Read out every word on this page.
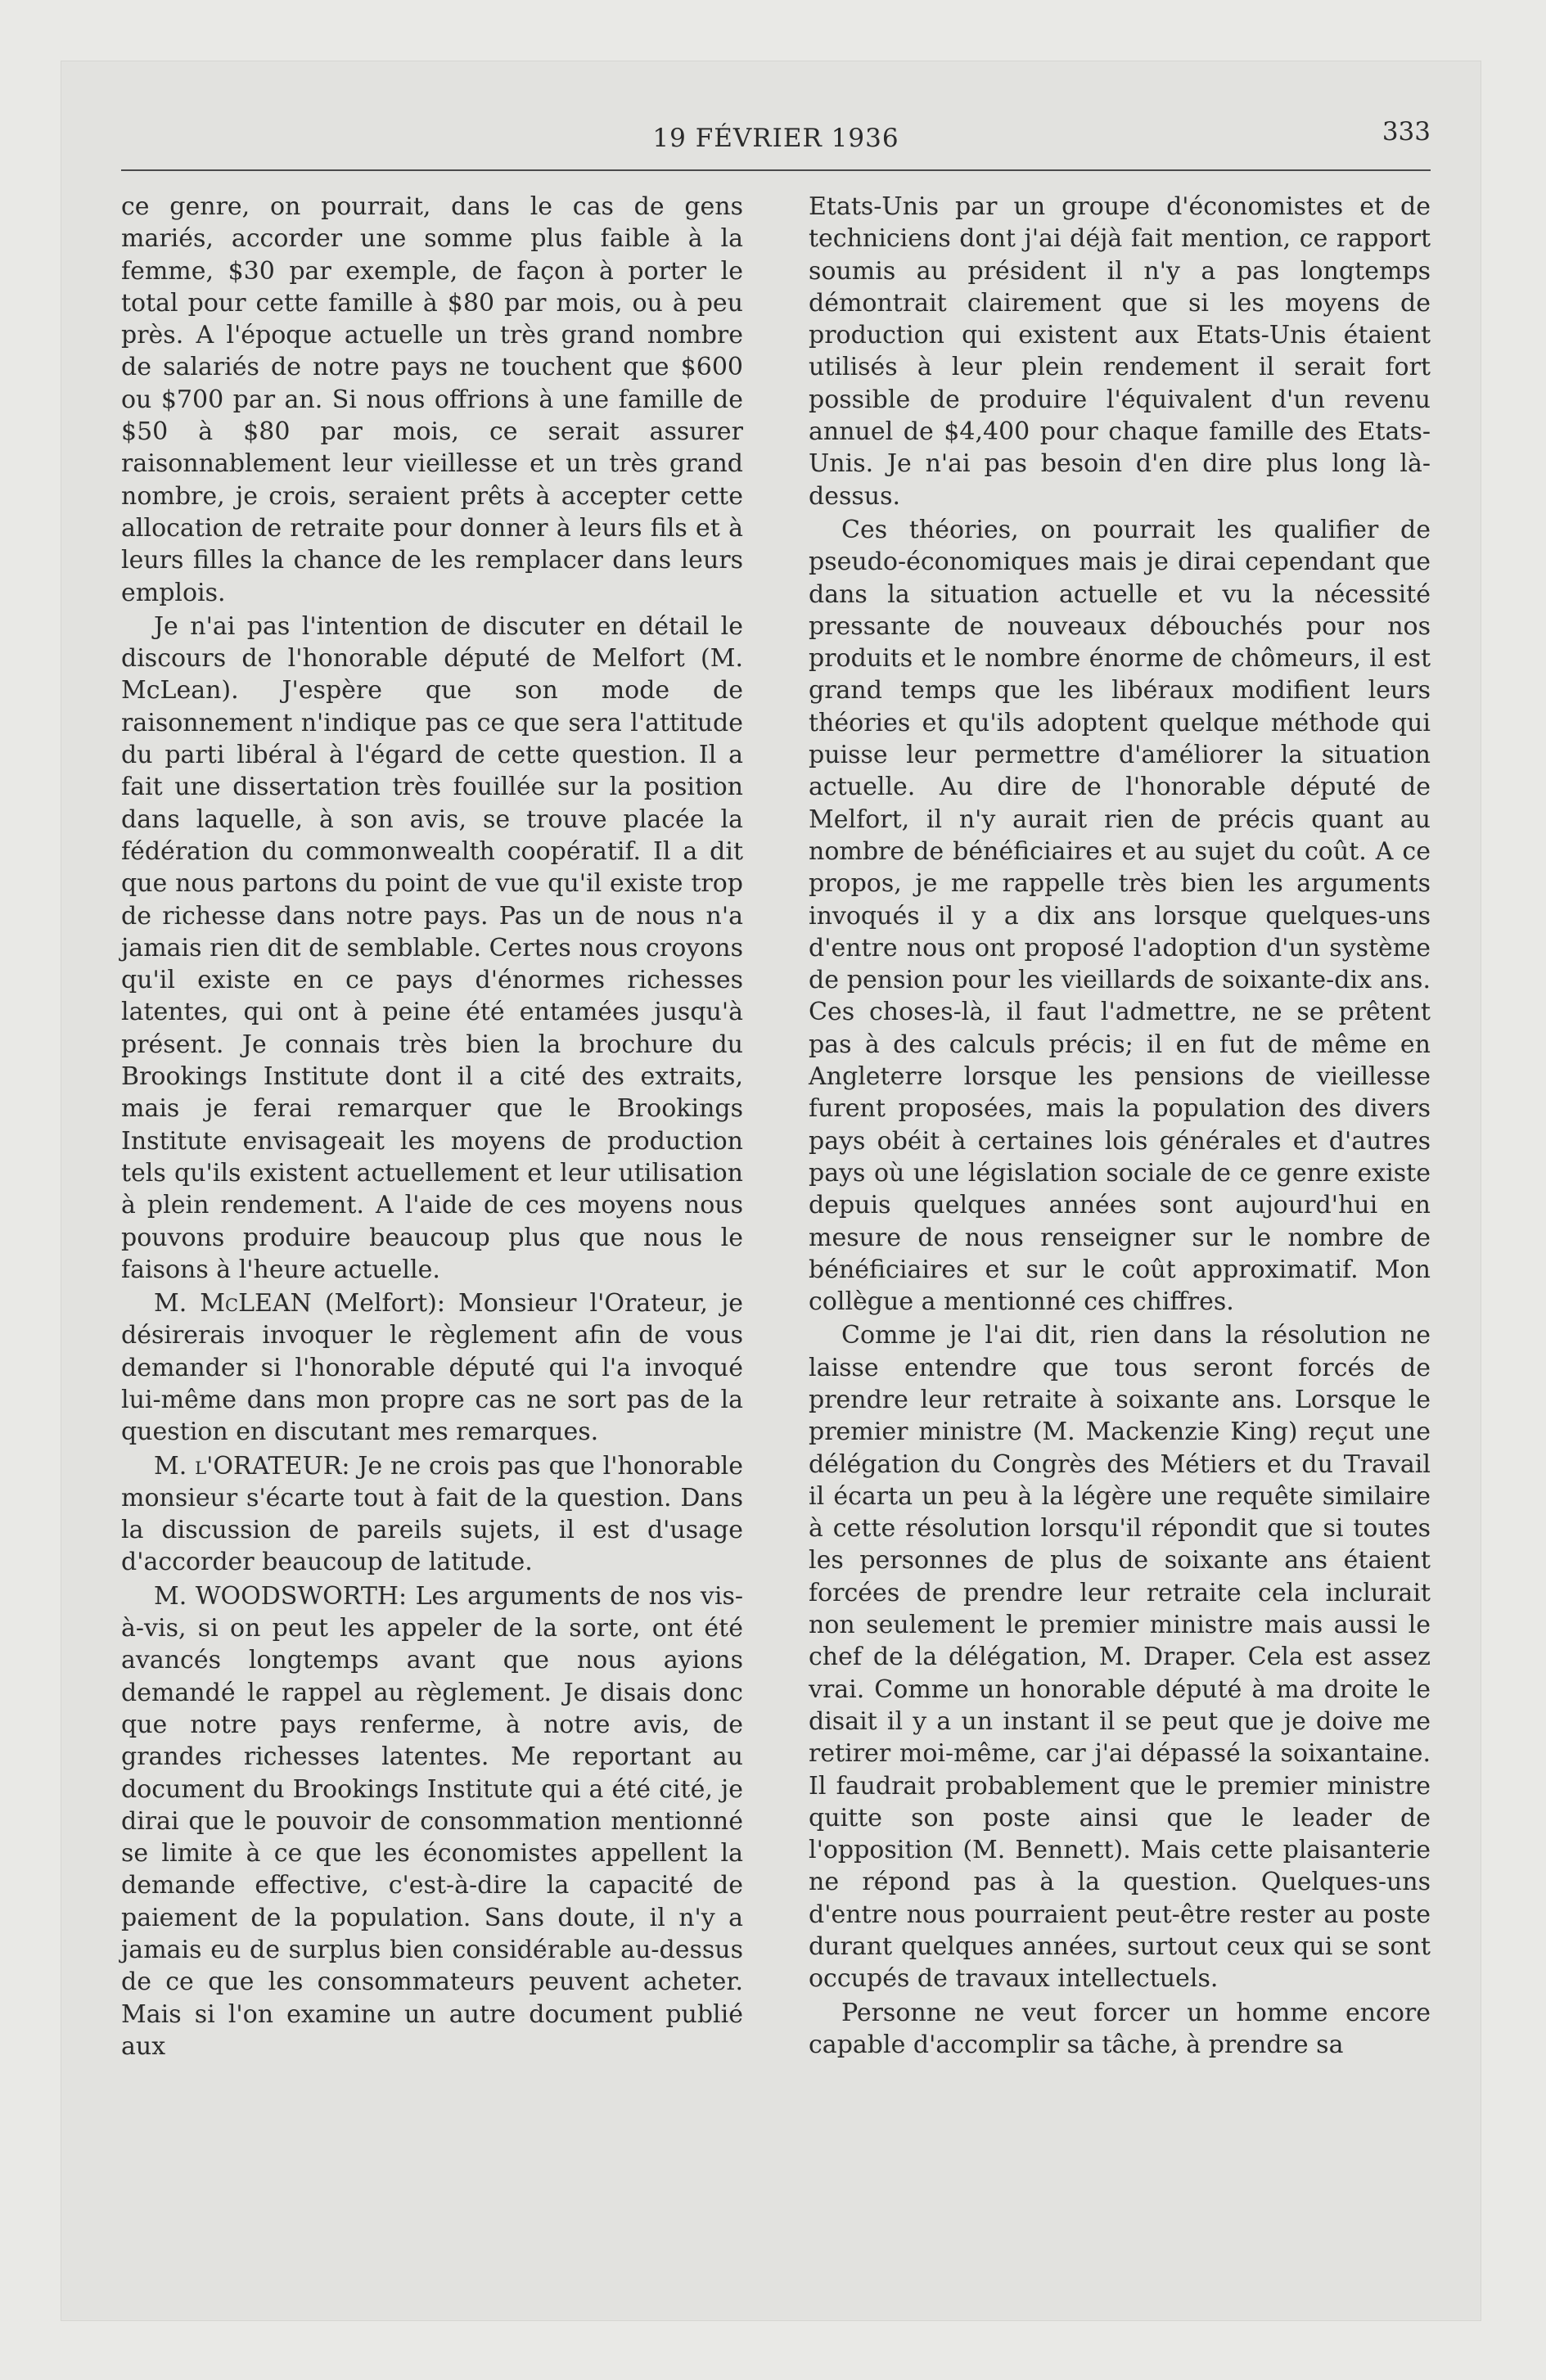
19 FÉVRIER 1936	333

ce genre, on pourrait, dans le cas de gens mariés, accorder une somme plus faible à la femme, $30 par exemple, de façon à porter le total pour cette famille à $80 par mois, ou à peu près. A l'époque actuelle un très grand nombre de salariés de notre pays ne touchent que $600 ou $700 par an. Si nous offrions à une famille de $50 à $80 par mois, ce serait assurer raisonnablement leur vieillesse et un très grand nombre, je crois, seraient prêts à accepter cette allocation de retraite pour donner à leurs fils et à leurs filles la chance de les remplacer dans leurs emplois.

Je n'ai pas l'intention de discuter en détail le discours de l'honorable député de Melfort (M. McLean). J'espère que son mode de raisonnement n'indique pas ce que sera l'attitude du parti libéral à l'égard de cette question. Il a fait une dissertation très fouillée sur la position dans laquelle, à son avis, se trouve placée la fédération du commonwealth coopératif. Il a dit que nous partons du point de vue qu'il existe trop de richesse dans notre pays. Pas un de nous n'a jamais rien dit de semblable. Certes nous croyons qu'il existe en ce pays d'énormes richesses latentes, qui ont à peine été entamées jusqu'à présent. Je connais très bien la brochure du Brookings Institute dont il a cité des extraits, mais je ferai remarquer que le Brookings Institute envisageait les moyens de production tels qu'ils existent actuellement et leur utilisation à plein rendement. A l'aide de ces moyens nous pouvons produire beaucoup plus que nous le faisons à l'heure actuelle.

M. McLEAN (Melfort): Monsieur l'Orateur, je désirerais invoquer le règlement afin de vous demander si l'honorable député qui l'a invoqué lui-même dans mon propre cas ne sort pas de la question en discutant mes remarques.

M. l'ORATEUR: Je ne crois pas que l'honorable monsieur s'écarte tout à fait de la question. Dans la discussion de pareils sujets, il est d'usage d'accorder beaucoup de latitude.

M. WOODSWORTH: Les arguments de nos vis-à-vis, si on peut les appeler de la sorte, ont été avancés longtemps avant que nous ayions demandé le rappel au règlement. Je disais donc que notre pays renferme, à notre avis, de grandes richesses latentes. Me reportant au document du Brookings Institute qui a été cité, je dirai que le pouvoir de consommation mentionné se limite à ce que les économistes appellent la demande effective, c'est-à-dire la capacité de paiement de la population. Sans doute, il n'y a jamais eu de surplus bien considérable au-dessus de ce que les consommateurs peuvent acheter. Mais si l'on examine un autre document publié aux

Etats-Unis par un groupe d'économistes et de techniciens dont j'ai déjà fait mention, ce rapport soumis au président il n'y a pas longtemps démontrait clairement que si les moyens de production qui existent aux Etats-Unis étaient utilisés à leur plein rendement il serait fort possible de produire l'équivalent d'un revenu annuel de $4,400 pour chaque famille des Etats-Unis. Je n'ai pas besoin d'en dire plus long là-dessus.

Ces théories, on pourrait les qualifier de pseudo-économiques mais je dirai cependant que dans la situation actuelle et vu la nécessité pressante de nouveaux débouchés pour nos produits et le nombre énorme de chômeurs, il est grand temps que les libéraux modifient leurs théories et qu'ils adoptent quelque méthode qui puisse leur permettre d'améliorer la situation actuelle. Au dire de l'honorable député de Melfort, il n'y aurait rien de précis quant au nombre de bénéficiaires et au sujet du coût. A ce propos, je me rappelle très bien les arguments invoqués il y a dix ans lorsque quelques-uns d'entre nous ont proposé l'adoption d'un système de pension pour les vieillards de soixante-dix ans. Ces choses-là, il faut l'admettre, ne se prêtent pas à des calculs précis; il en fut de même en Angleterre lorsque les pensions de vieillesse furent proposées, mais la population des divers pays obéit à certaines lois générales et d'autres pays où une législation sociale de ce genre existe depuis quelques années sont aujourd'hui en mesure de nous renseigner sur le nombre de bénéficiaires et sur le coût approximatif. Mon collègue a mentionné ces chiffres.

Comme je l'ai dit, rien dans la résolution ne laisse entendre que tous seront forcés de prendre leur retraite à soixante ans. Lorsque le premier ministre (M. Mackenzie King) reçut une délégation du Congrès des Métiers et du Travail il écarta un peu à la légère une requête similaire à cette résolution lorsqu'il répondit que si toutes les personnes de plus de soixante ans étaient forcées de prendre leur retraite cela inclurait non seulement le premier ministre mais aussi le chef de la délégation, M. Draper. Cela est assez vrai. Comme un honorable député à ma droite le disait il y a un instant il se peut que je doive me retirer moi-même, car j'ai dépassé la soixantaine. Il faudrait probablement que le premier ministre quitte son poste ainsi que le leader de l'opposition (M. Bennett). Mais cette plaisanterie ne répond pas à la question. Quelques-uns d'entre nous pourraient peut-être rester au poste durant quelques années, surtout ceux qui se sont occupés de travaux intellectuels.

Personne ne veut forcer un homme encore capable d'accomplir sa tâche, à prendre sa
